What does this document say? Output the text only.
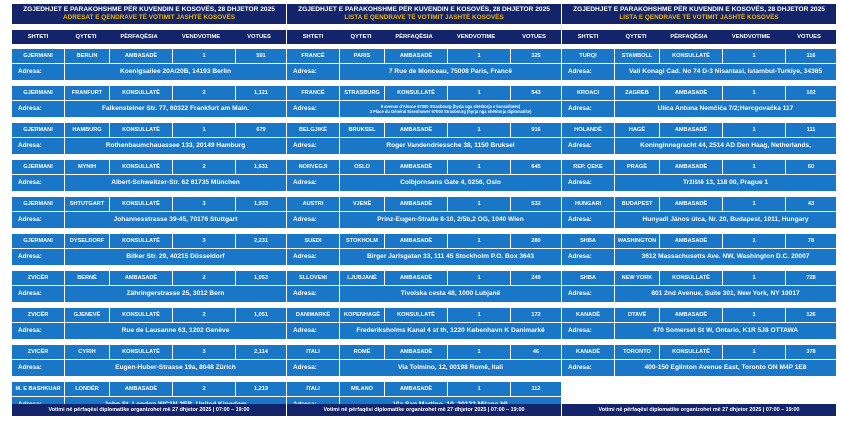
ZGJEDHJET E PARAKOHSHME PËR KUVENDIN E KOSOVËS, 28 DHJETOR 2025
ADRESAT E QENDRAVE TË VOTIMIT JASHTË KOSOVËS
SHTETI	QYTETI	PËRFAQËSIA	VENDVOTIME	VOTUES
GJERMANI	BERLIN	AMBASADË	1	591
Adresa:	Koenigsallee 20A/20B, 14193 Berlin
GJERMANI	FRANFURT	KONSULLATË	2	1,121
Adresa:	Falkensteiner Str. 77, 60322 Frankfurt am Main.
GJERMANI	HAMBURG	KONSULLATË	1	679
Adresa:	Rothenbaumchauassee 133, 20149 Hamburg
GJERMANI	MYNIH	KONSULLATË	2	1,631
Adresa:	Albert-Schweitzer-Str. 62 81735 München
GJERMANI	SHTUTGART	KONSULLATË	3	1,933
Adresa:	Johannesstrasse 39-45, 70176 Stuttgart
GJERMANI	DYSELDORF	KONSULLATË	3	2,231
Adresa:	Bilker Str. 29, 40215 Düsseldorf
ZVICËR	BERNË	AMBASADË	2	1,053
Adresa:	Zähringerstrasse 25, 3012 Bern
ZVICËR	GJENEVË	KONSULLATË	2	1,051
Adresa:	Rue de Lausanne 63, 1202 Genève
ZVICËR	CYRIH	KONSULLATË	3	2,114
Adresa:	Eugen-Huber-Strasse 19a, 8048 Zürich
M. E BASHKUAR	LONDËR	AMBASADË	2	1,219
Votimi në përfaqësi diplomatike organizohet më 27 dhjetor 2025 | 07:00 – 19:00
ZGJEDHJET E PARAKOHSHME PËR KUVENDIN E KOSOVËS, 28 DHJETOR 2025
LISTA E QENDRAVE TË VOTIMIT JASHTË KOSOVËS
SHTETI	QYTETI	PËRFAQËSIA	VENDVOTIME	VOTUES
FRANCË	PARIS	AMBASADË	1	325
Adresa:	7 Rue de Monceau, 75008 Paris, Francë
FRANCË	STRASBURG	KONSULLATË	1	543
Adresa:	8 avenue d'Alsace 67000 Strasbourg (hyrja nga shëtitorja e konsullatës)
3 Place du Général Eisenhower 67000 Strasbourg (hyrja nga shëtitorja diplomatike)
BELGJIKË	BRUKSEL	AMBASADË	1	916
Adresa:	Roger Vandendriessche 38, 1150 Bruksel
NORVEGJI	OSLO	AMBASADË	1	645
Adresa:	Colbjornsens Gate 4, 0256, Oslo
AUSTRI	VJENË	AMBASADË	1	532
Adresa:	Prinz-Eugen-Straße 8-10, 2/5b,2 OG, 1040 Wien
SUEDI	STOKHOLM	AMBASADË	1	280
Adresa:	Birger Jarlsgatan 33, 111 45 Stockholm P.O. Box 3643
SLLOVENI	LJUBJANË	AMBASADË	1	249
Adresa:	Tivolska cesta 48, 1000 Lubjanë
DANIMARKË	KOPENHAGË	KONSULLATË	1	172
Adresa:	Frederiksholms Kanal 4 st th, 1220 København K Danimarkë
ITALI	ROMË	AMBASADË	1	46
Adresa:	Via Tolmino, 12, 00198 Romë, Itali
ITALI	MILANO	AMBASADË	1	112
Votimi në përfaqësi diplomatike organizohet më 27 dhjetor 2025 | 07:00 – 19:00
ZGJEDHJET E PARAKOHSHME PËR KUVENDIN E KOSOVËS, 28 DHJETOR 2025
LISTA E QENDRAVE TË VOTIMIT JASHTË KOSOVËS
SHTETI	QYTETI	PËRFAQËSIA	VENDVOTIME	VOTUES
TURQI	STAMBOLL	KONSULLATË	1	116
Adresa:	Vali Konagi Cad. No 74 D-3 Nisantasi, Istambul-Turkiye, 34365
KROACI	ZAGREB	AMBASADË	1	102
Adresa:	Ulica Antuna Nemčića 7/2;Hercgovačka 117
HOLANDË	HAGË	AMBASADË	1	111
Adresa:	Koninginnegracht 44, 2514 AD Den Haag, Netherlands,
REP. ÇEKE	PRAGË	AMBASADË	1	60
Adresa:	Tržiště 13, 118 00, Prague 1
HUNGARI	BUDAPEST	AMBASADË	1	43
Adresa:	Hunyadi János útca, Nr. 20, Budapest, 1011, Hungary
SHBA	WASHINGTON	AMBASADË	1	78
Adresa:	3612 Massachusetts Ave. NW, Washington D.C. 20007
SHBA	NEW YORK	KONSULLATË	1	728
Adresa:	801 2nd Avenue, Suite 301, New York, NY 10017
KANADË	OTAVË	AMBASADË	1	126
Adresa:	470 Somerset St W, Ontario, K1R 5J8 OTTAWA
KANADË	TORONTO	KONSULLATË	1	378
Adresa:	400-150 Eglinton Avenue East, Toronto ON M4P 1E8
Votimi në përfaqësi diplomatike organizohet më 27 dhjetor 2025 | 07:00 – 19:00
